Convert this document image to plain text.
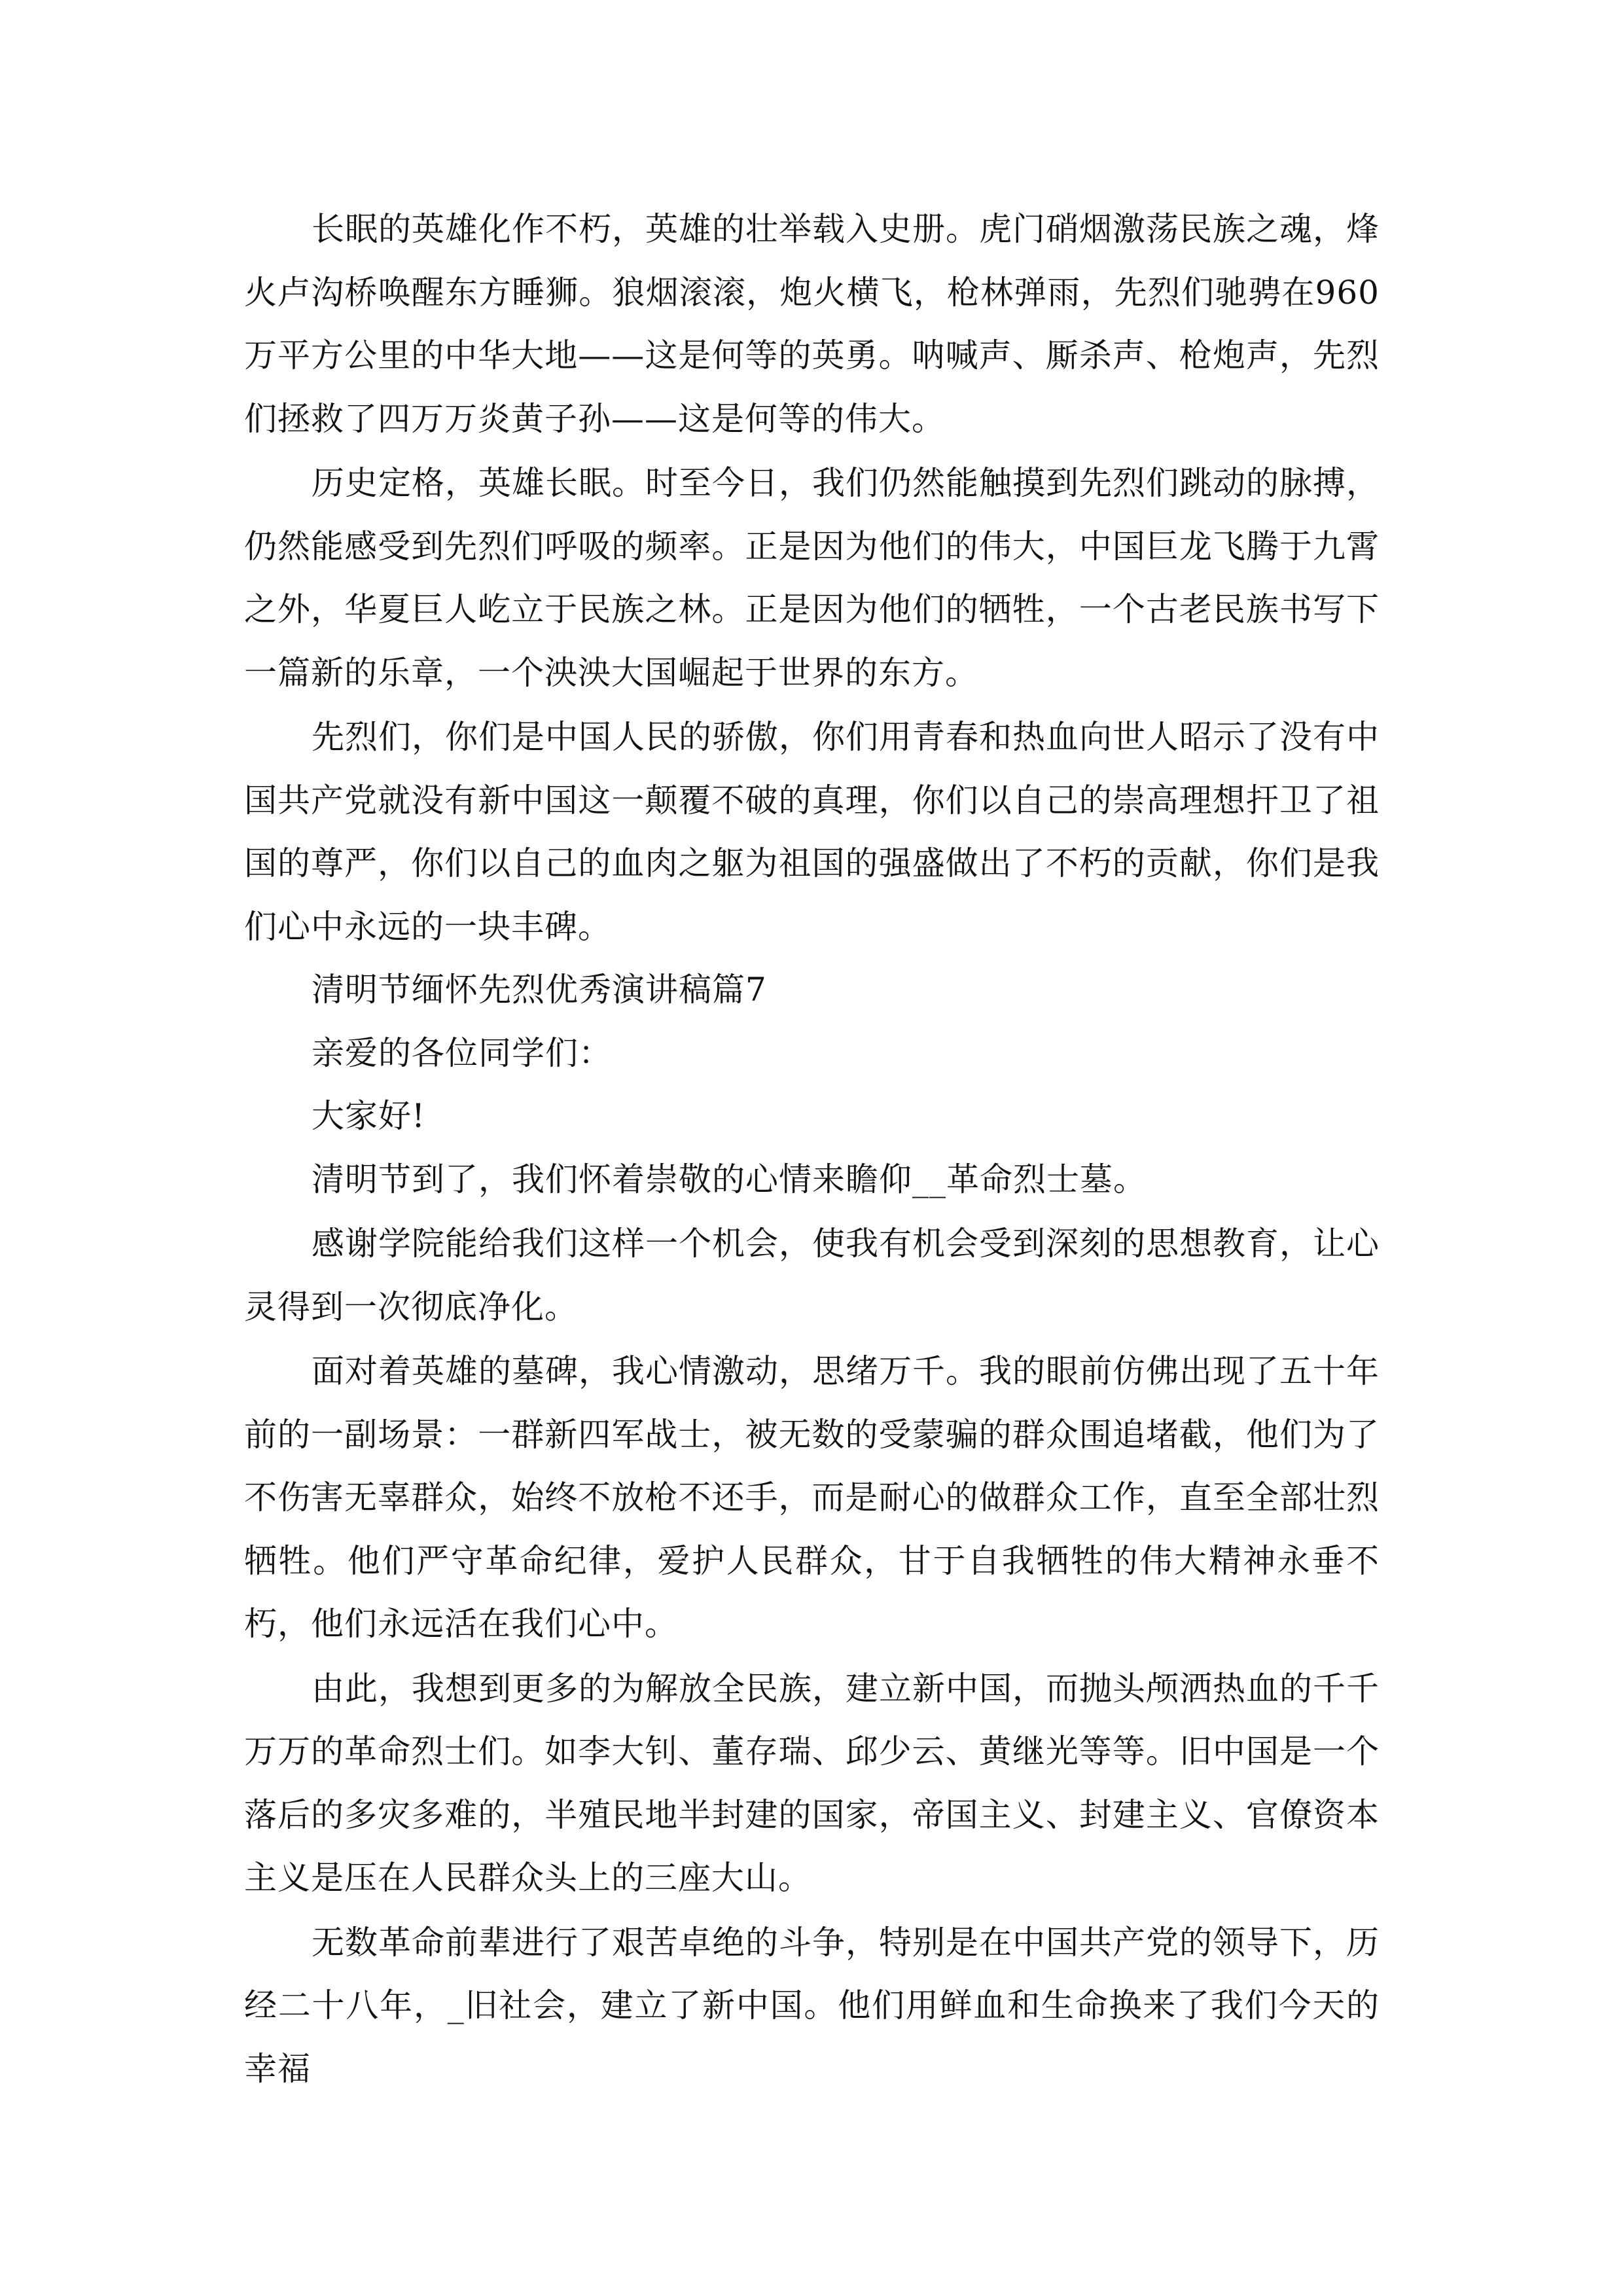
长眠的英雄化作不朽，英雄的壮举载入史册。虎门硝烟激荡民族之魂，烽火卢沟桥唤醒东方睡狮。狼烟滚滚，炮火横飞，枪林弹雨，先烈们驰骋在960万平方公里的中华大地——这是何等的英勇。呐喊声、厮杀声、枪炮声，先烈们拯救了四万万炎黄子孙——这是何等的伟大。

历史定格，英雄长眠。时至今日，我们仍然能触摸到先烈们跳动的脉搏，仍然能感受到先烈们呼吸的频率。正是因为他们的伟大，中国巨龙飞腾于九霄之外，华夏巨人屹立于民族之林。正是因为他们的牺牲，一个古老民族书写下一篇新的乐章，一个泱泱大国崛起于世界的东方。

先烈们，你们是中国人民的骄傲，你们用青春和热血向世人昭示了没有中国共产党就没有新中国这一颠覆不破的真理，你们以自己的崇高理想扞卫了祖国的尊严，你们以自己的血肉之躯为祖国的强盛做出了不朽的贡献，你们是我们心中永远的一块丰碑。

清明节缅怀先烈优秀演讲稿篇7

亲爱的各位同学们：

大家好!

清明节到了，我们怀着崇敬的心情来瞻仰__革命烈士墓。

感谢学院能给我们这样一个机会，使我有机会受到深刻的思想教育，让心灵得到一次彻底净化。

面对着英雄的墓碑，我心情激动，思绪万千。我的眼前仿佛出现了五十年前的一副场景：一群新四军战士，被无数的受蒙骗的群众围追堵截，他们为了不伤害无辜群众，始终不放枪不还手，而是耐心的做群众工作，直至全部壮烈牺牲。他们严守革命纪律，爱护人民群众，甘于自我牺牲的伟大精神永垂不朽，他们永远活在我们心中。

由此，我想到更多的为解放全民族，建立新中国，而抛头颅洒热血的千千万万的革命烈士们。如李大钊、董存瑞、邱少云、黄继光等等。旧中国是一个落后的多灾多难的，半殖民地半封建的国家，帝国主义、封建主义、官僚资本主义是压在人民群众头上的三座大山。

无数革命前辈进行了艰苦卓绝的斗争，特别是在中国共产党的领导下，历经二十八年，_旧社会，建立了新中国。他们用鲜血和生命换来了我们今天的幸福
